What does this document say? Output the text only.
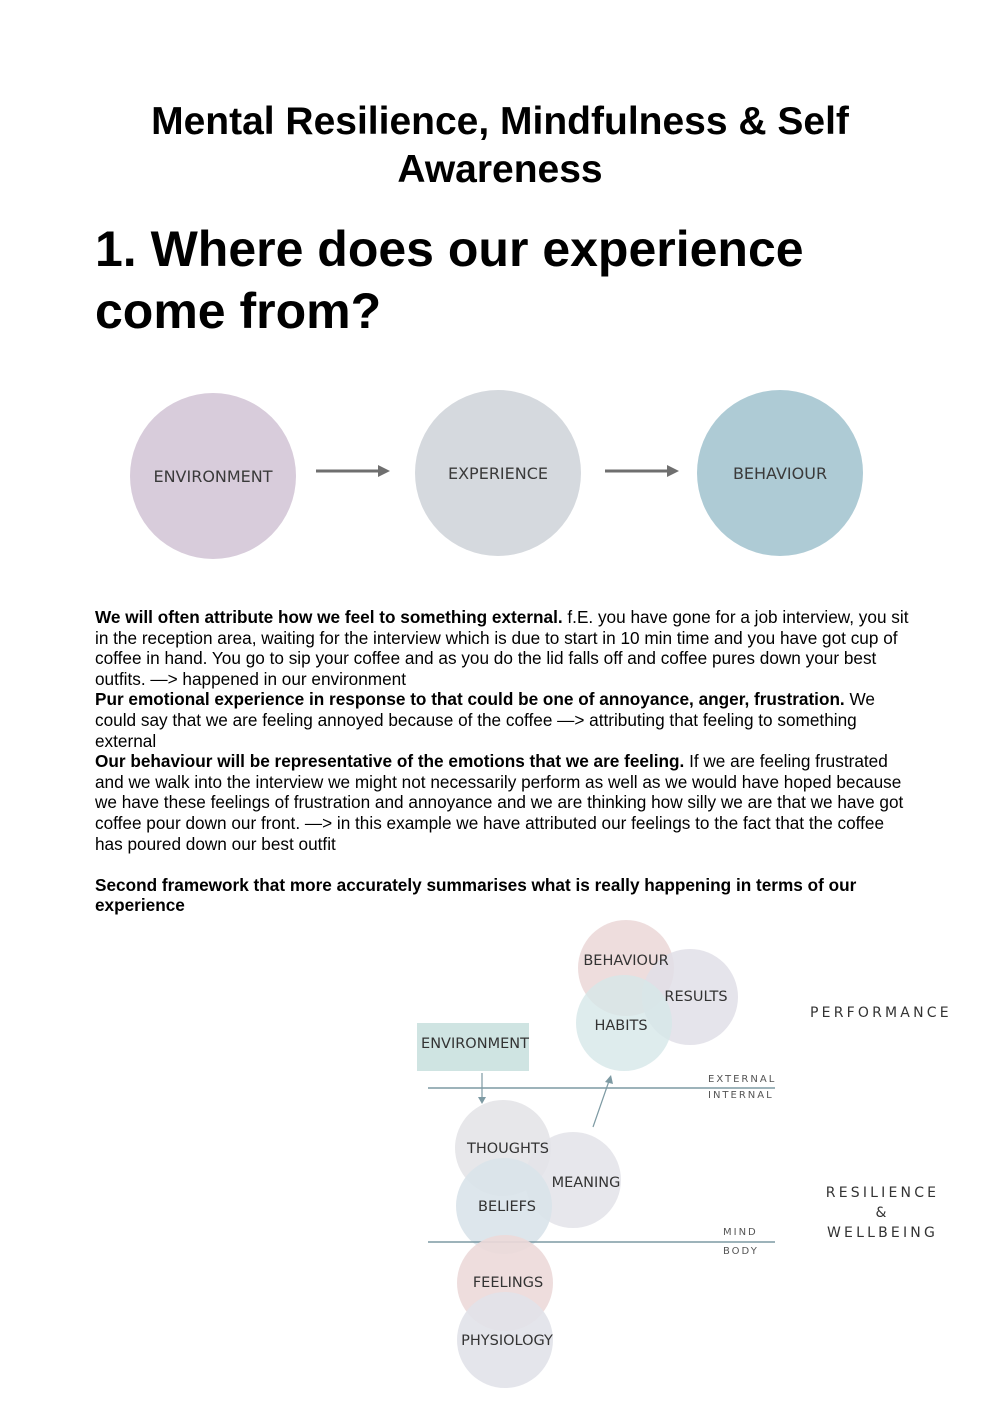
Mental Resilience, Mindfulness & Self Awareness
1. Where does our experience come from?
ENVIRONMENT	EXPERIENCE	BEHAVIOUR

We will often attribute how we feel to something external. f.E. you have gone for a job interview, you sit in the reception area, waiting for the interview which is due to start in 10 min time and you have got cup of coffee in hand. You go to sip your coffee and as you do the lid falls off and coffee pures down your best outfits. —> happened in our environment

Pur emotional experience in response to that could be one of annoyance, anger, frustration. We could say that we are feeling annoyed because of the coffee —> attributing that feeling to something external

Our behaviour will be representative of the emotions that we are feeling. If we are feeling frustrated and we walk into the interview we might not necessarily perform as well as we would have hoped because we have these feelings of frustration and annoyance and we are thinking how silly we are that we have got coffee pour down our front. —> in this example we have attributed our feelings to the fact that the coffee has poured down our best outfit

Second framework that more accurately summarises what is really happening in terms of our experience

BEHAVIOUR
RESULTS
HABITS
ENVIRONMENT
EXTERNAL
INTERNAL
THOUGHTS
MEANING
BELIEFS
MIND
BODY
FEELINGS
PHYSIOLOGY
PERFORMANCE
RESILIENCE
&
WELLBEING
